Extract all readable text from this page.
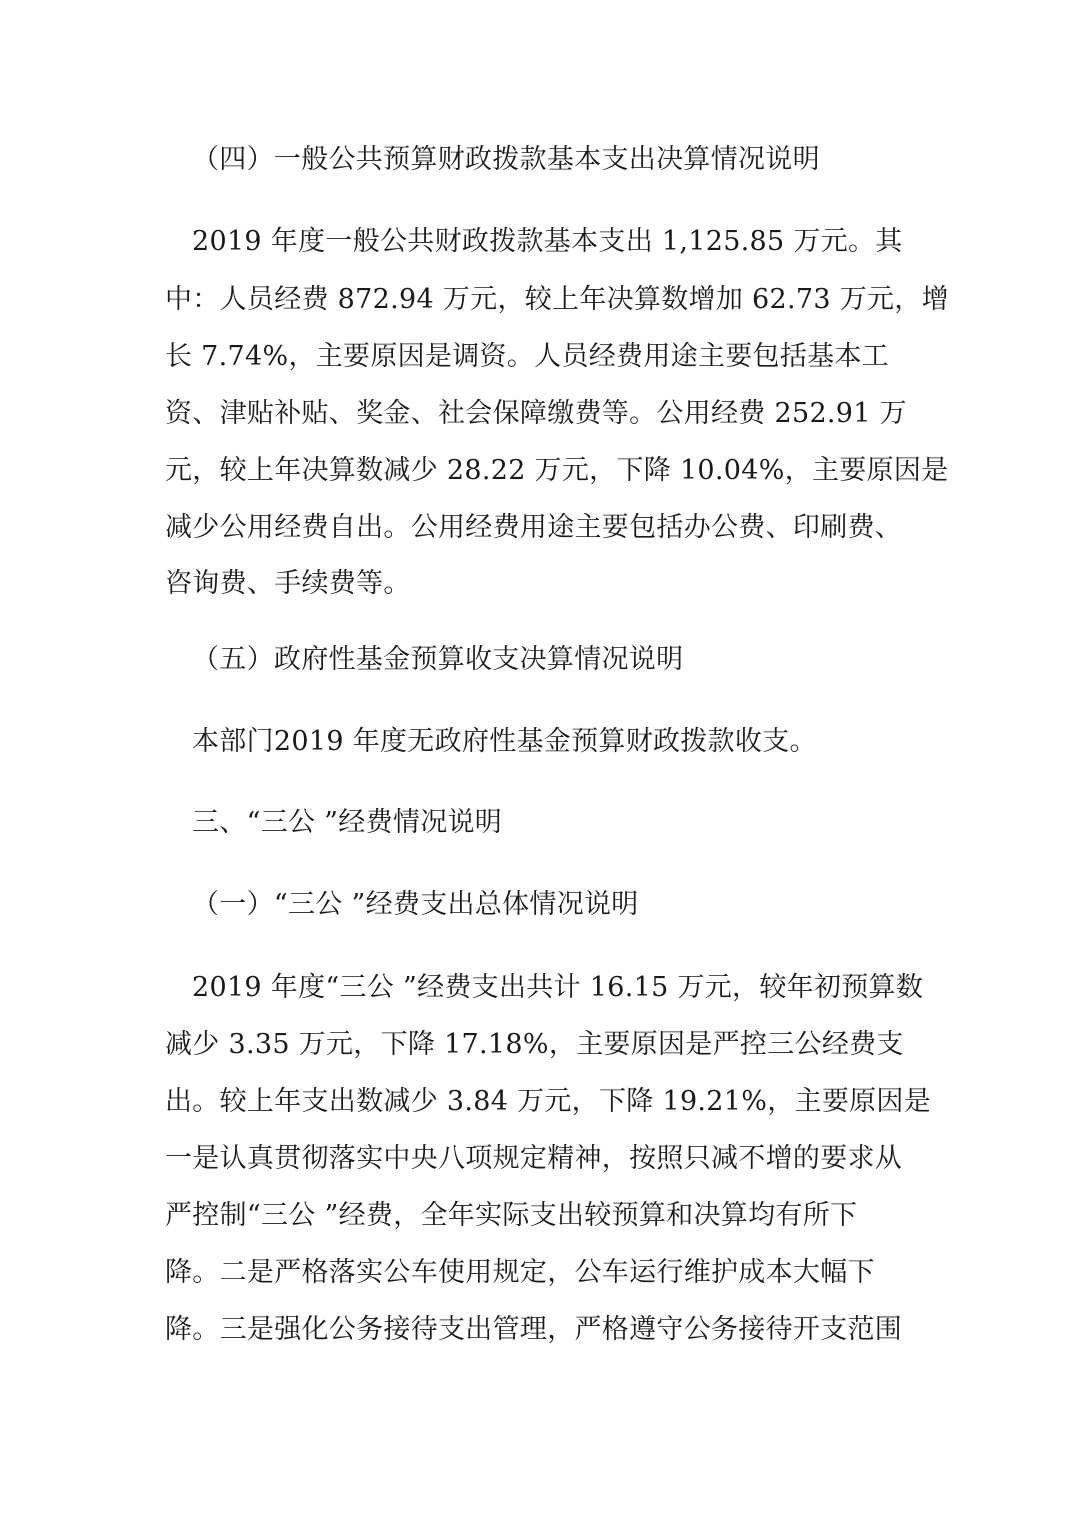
（四）一般公共预算财政拨款基本支出决算情况说明
2019 年度一般公共财政拨款基本支出 1,125.85 万元。其
中：人员经费 872.94 万元，较上年决算数增加 62.73 万元，增
长 7.74%，主要原因是调资。人员经费用途主要包括基本工
资、津贴补贴、奖金、社会保障缴费等。公用经费 252.91 万
元，较上年决算数减少 28.22 万元，下降 10.04%，主要原因是
减少公用经费自出。公用经费用途主要包括办公费、印刷费、
咨询费、手续费等。
（五）政府性基金预算收支决算情况说明
本部门2019 年度无政府性基金预算财政拨款收支。
三、“三公 ”经费情况说明
（一）“三公 ”经费支出总体情况说明
2019 年度“三公 ”经费支出共计 16.15 万元，较年初预算数
减少 3.35 万元，下降 17.18%，主要原因是严控三公经费支
出。较上年支出数减少 3.84 万元，下降 19.21%，主要原因是
一是认真贯彻落实中央八项规定精神，按照只减不增的要求从
严控制“三公 ”经费，全年实际支出较预算和决算均有所下
降。二是严格落实公车使用规定，公车运行维护成本大幅下
降。三是强化公务接待支出管理，严格遵守公务接待开支范围
